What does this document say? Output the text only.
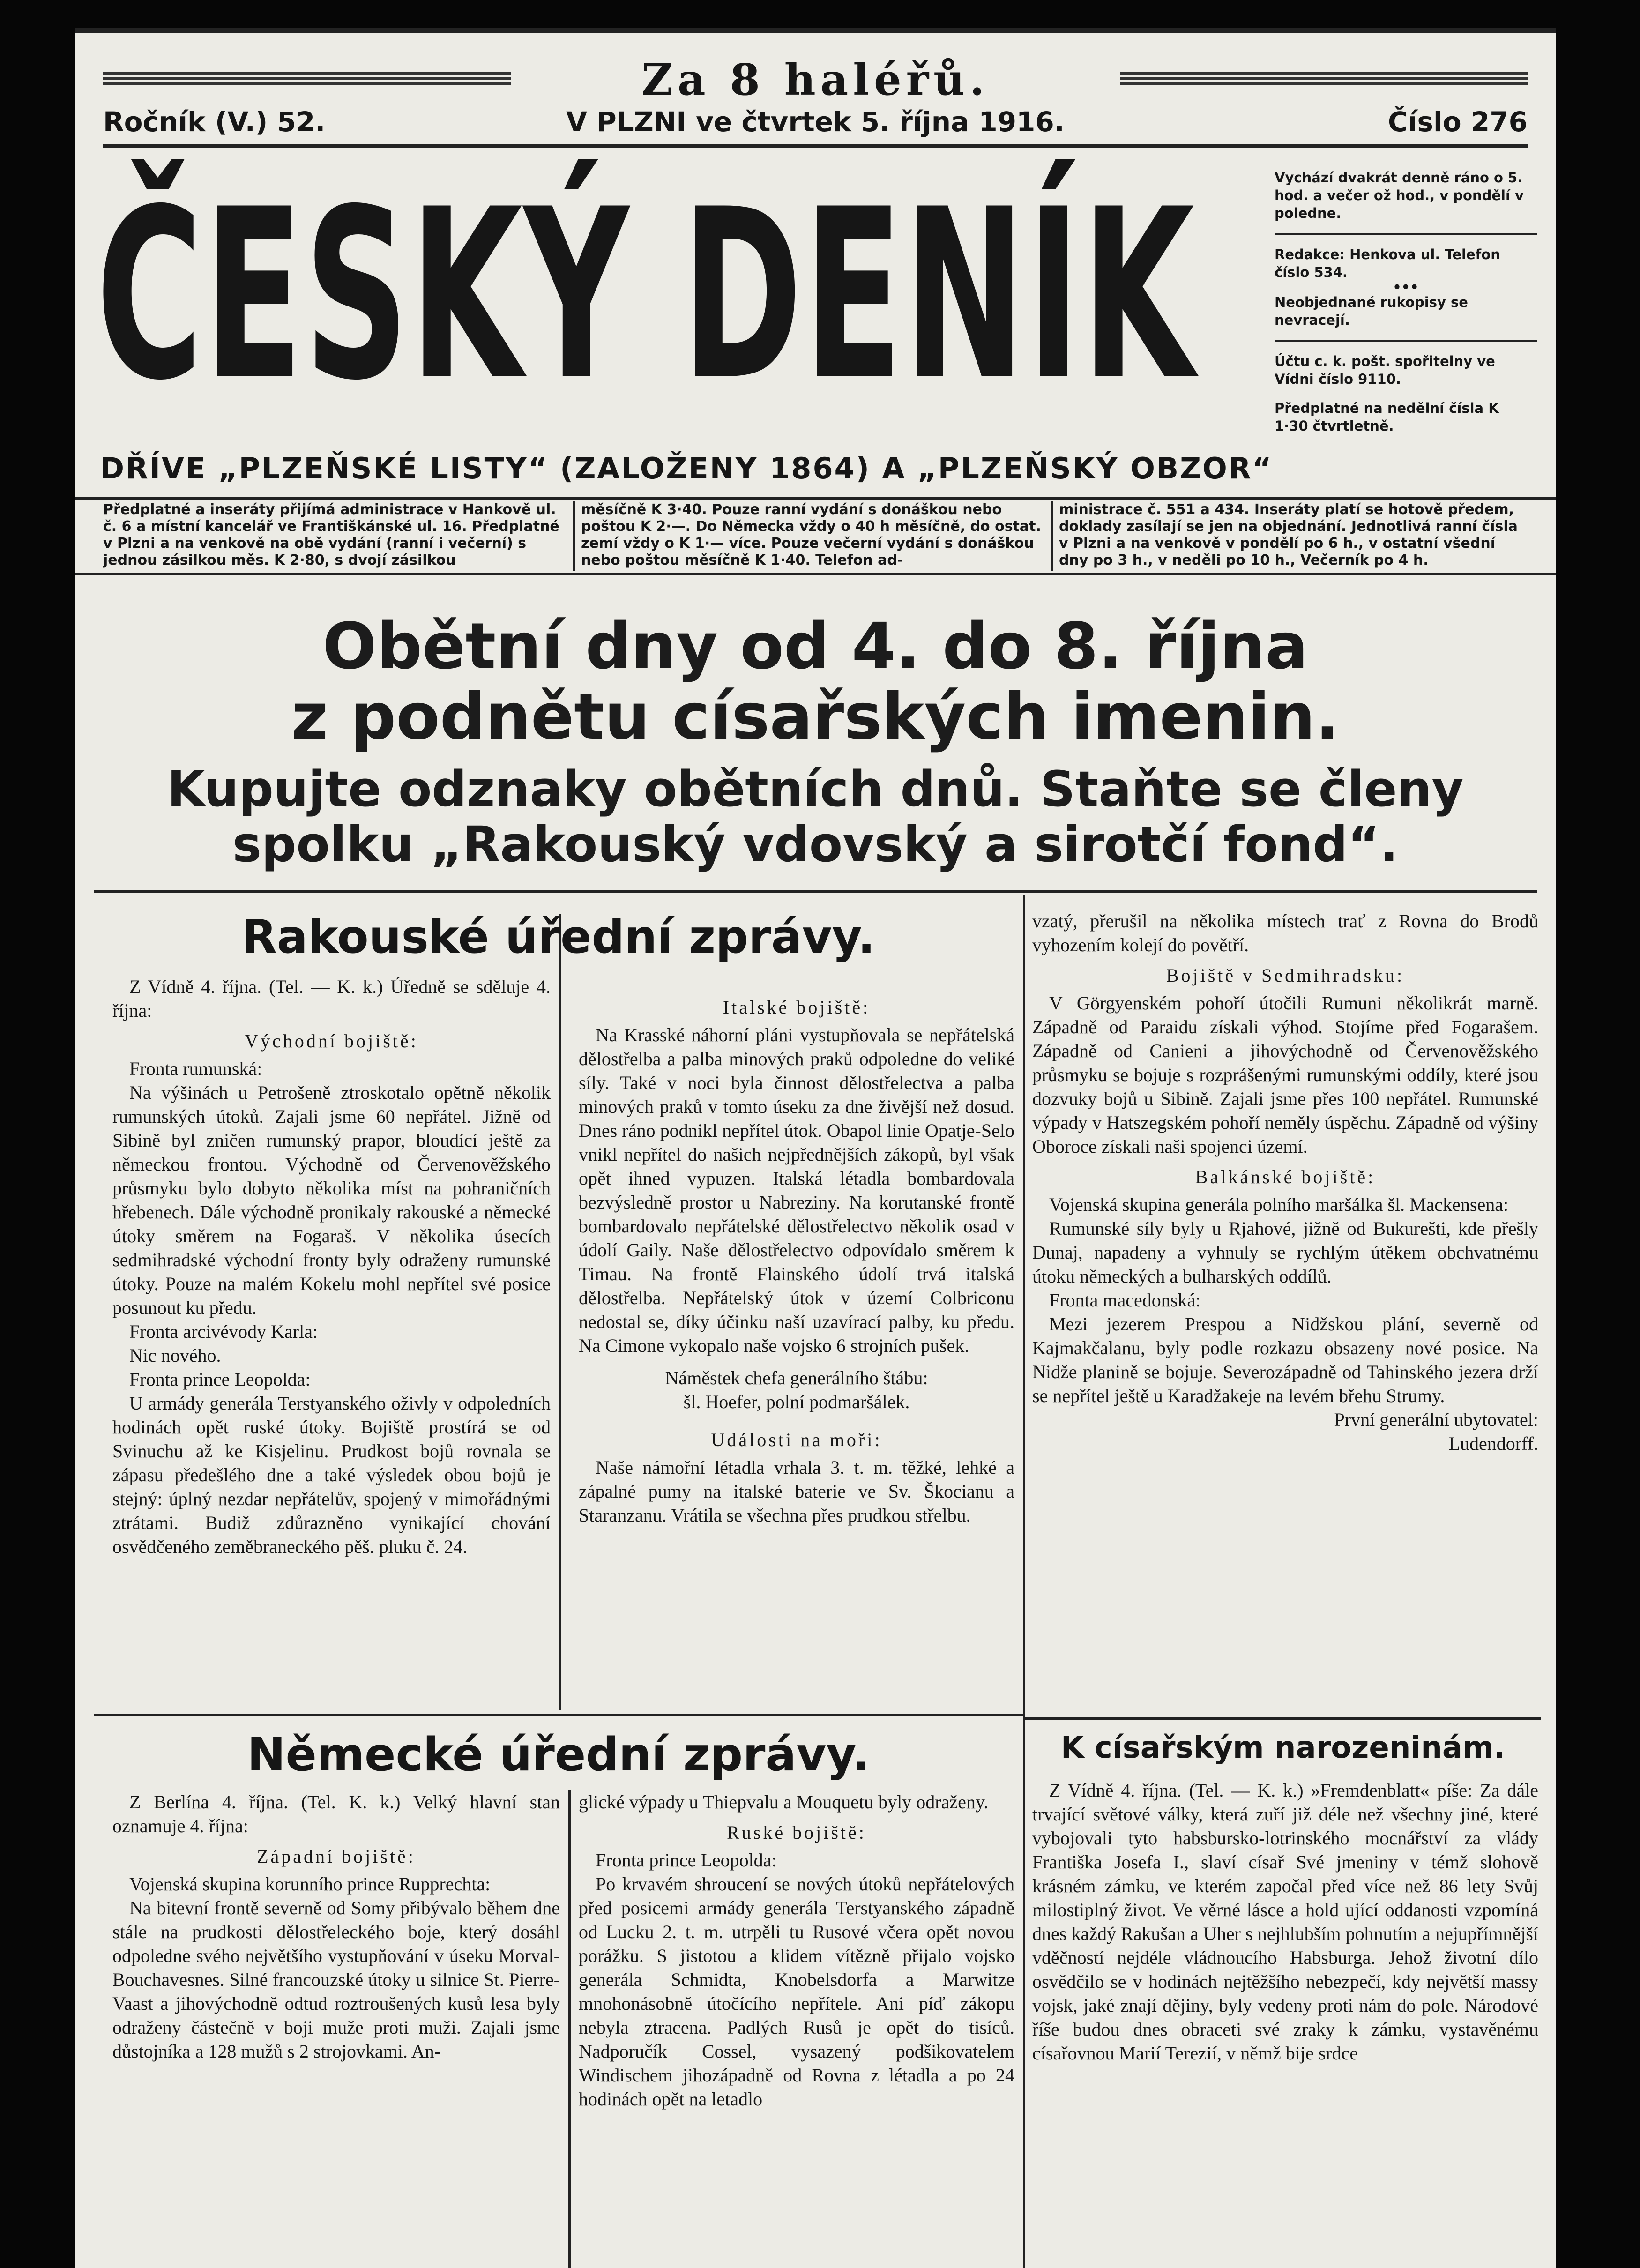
Za 8 haléřů.
Ročník (V.) 52.	V PLZNI ve čtvrtek 5. října 1916.	Číslo 276
ČESKÝ DENÍK	Vychází dvakrát denně ráno o 5. hod. a večer ož hod., v pondělí v poledne.
Redakce: Henkova ul. Telefon číslo 534.
•••
Neobjednané rukopisy se nevracejí.
Účtu c. k. pošt. spořitelny ve Vídni číslo 9110.
Předplatné na nedělní čísla K 1·30 čtvrtletně.
DŘÍVE „PLZEŇSKÉ LISTY“ (ZALOŽENY 1864) A „PLZEŇSKÝ OBZOR“
Předplatné a inseráty přijímá administrace v Hankově ul. č. 6 a místní kancelář ve Františkánské ul. 16. Předplatné v Plzni a na venkově na obě vydání (ranní i večerní) s jednou zásilkou měs. K 2·80, s dvojí zásilkou
měsíčně K 3·40. Pouze ranní vydání s donáškou nebo poštou K 2·—. Do Německa vždy o 40 h měsíčně, do ostat. zemí vždy o K 1·— více. Pouze večerní vydání s donáškou nebo poštou měsíčně K 1·40. Telefon ad-
ministrace č. 551 a 434. Inseráty platí se hotově předem, doklady zasílají se jen na objednání. Jednotlivá ranní čísla v Plzni a na venkově v pondělí po 6 h., v ostatní všední dny po 3 h., v neděli po 10 h., Večerník po 4 h.
Obětní dny od 4. do 8. října
z podnětu císařských imenin.
Kupujte odznaky obětních dnů. Staňte se členy
spolku „Rakouský vdovský a sirotčí fond“.
Rakouské úřední zprávy.

Z Vídně 4. října. (Tel. — K. k.) Úředně se sděluje 4. října:

Východní bojiště:

Fronta rumunská:

Na výšinách u Petrošeně ztroskotalo opětně několik rumunských útoků. Zajali jsme 60 nepřátel. Jižně od Sibině byl zničen rumunský prapor, bloudící ještě za německou frontou. Východně od Červenověžského průsmyku bylo dobyto několika míst na pohraničních hřebenech. Dále východně pronikaly rakouské a německé útoky směrem na Fogaraš. V několika úsecích sedmihradské východní fronty byly odraženy rumunské útoky. Pouze na malém Kokelu mohl nepřítel své posice posunout ku předu.

Fronta arcivévody Karla:

Nic nového.

Fronta prince Leopolda:

U armády generála Terstyanského oživly v odpoledních hodinách opět ruské útoky. Bojiště prostírá se od Svinuchu až ke Kisjelinu. Prudkost bojů rovnala se zápasu předešlého dne a také výsledek obou bojů je stejný: úplný nezdar nepřátelův, spojený v mimořádnými ztrátami. Budiž zdůrazněno vynikající chování osvědčeného zeměbraneckého pěš. pluku č. 24.

Italské bojiště:

Na Krasské náhorní pláni vystupňovala se nepřátelská dělostřelba a palba minových praků odpoledne do veliké síly. Také v noci byla činnost dělostřelectva a palba minových praků v tomto úseku za dne živější než dosud. Dnes ráno podnikl nepřítel útok. Obapol linie Opatje-Selo vnikl nepřítel do našich nejpřednějších zákopů, byl však opět ihned vypuzen. Italská létadla bombardovala bezvýsledně prostor u Nabreziny. Na korutanské frontě bombardovalo nepřátelské dělostřelectvo několik osad v údolí Gaily. Naše dělostřelectvo odpovídalo směrem k Timau. Na frontě Flainského údolí trvá italská dělostřelba. Nepřátelský útok v území Colbriconu nedostal se, díky účinku naší uzavírací palby, ku předu. Na Cimone vykopalo naše vojsko 6 strojních pušek.

Náměstek chefa generálního štábu:

šl. Hoefer, polní podmaršálek.

Události na moři:

Naše námořní létadla vrhala 3. t. m. těžké, lehké a zápalné pumy na italské baterie ve Sv. Škocianu a Staranzanu. Vrátila se všechna přes prudkou střelbu.

vzatý, přerušil na několika místech trať z Rovna do Brodů vyhozením kolejí do povětří.

Bojiště v Sedmihradsku:

V Görgyenském pohoří útočili Rumuni několikrát marně. Západně od Paraidu získali výhod. Stojíme před Fogarašem. Západně od Canieni a jihovýchodně od Červenověžského průsmyku se bojuje s rozprášenými rumunskými oddíly, které jsou dozvuky bojů u Sibině. Zajali jsme přes 100 nepřátel. Rumunské výpady v Hatszegském pohoří neměly úspěchu. Západně od výšiny Oboroce získali naši spojenci území.

Balkánské bojiště:

Vojenská skupina generála polního maršálka šl. Mackensena:

Rumunské síly byly u Rjahové, jižně od Bukurešti, kde přešly Dunaj, napadeny a vyhnuly se rychlým útěkem obchvatnému útoku německých a bulharských oddílů.

Fronta macedonská:

Mezi jezerem Prespou a Nidžskou plání, severně od Kajmakčalanu, byly podle rozkazu obsazeny nové posice. Na Nidže planině se bojuje. Severozápadně od Tahinského jezera drží se nepřítel ještě u Karadžakeje na levém břehu Strumy.

První generální ubytovatel:

Ludendorff.

Německé úřední zprávy.

Z Berlína 4. října. (Tel. K. k.) Velký hlavní stan oznamuje 4. října:

Západní bojiště:

Vojenská skupina korunního prince Rupprechta:

Na bitevní frontě severně od Somy přibývalo během dne stále na prudkosti dělostřeleckého boje, který dosáhl odpoledne svého největšího vystupňování v úseku Morval-Bouchavesnes. Silné francouzské útoky u silnice St. Pierre-Vaast a jihovýchodně odtud roztroušených kusů lesa byly odraženy částečně v boji muže proti muži. Zajali jsme důstojníka a 128 mužů s 2 strojovkami. An-

glické výpady u Thiepvalu a Mouquetu byly odraženy.

Ruské bojiště:

Fronta prince Leopolda:

Po krvavém shroucení se nových útoků nepřátelových před posicemi armády generála Terstyanského západně od Lucku 2. t. m. utrpěli tu Rusové včera opět novou porážku. S jistotou a klidem vítězně přijalo vojsko generála Schmidta, Knobelsdorfa a Marwitze mnohonásobně útočícího nepřítele. Ani píď zákopu nebyla ztracena. Padlých Rusů je opět do tisíců. Nadporučík Cossel, vysazený podšikovatelem Windischem jihozápadně od Rovna z létadla a po 24 hodinách opět na letadlo

K císařským narozeninám.

Z Vídně 4. října. (Tel. — K. k.) »Fremdenblatt« píše: Za dále trvající světové války, která zuří již déle než všechny jiné, které vybojovali tyto habsbursko-lotrinského mocnářství za vlády Františka Josefa I., slaví císař Své jmeniny v témž slohově krásném zámku, ve kterém započal před více než 86 lety Svůj milostiplný život. Ve věrné lásce a hold ující oddanosti vzpomíná dnes každý Rakušan a Uher s nejhlubším pohnutím a nejupřímnější vděčností nejdéle vládnoucího Habsburga. Jehož životní dílo osvědčilo se v hodinách nejtěžšího nebezpečí, kdy největší massy vojsk, jaké znají dějiny, byly vedeny proti nám do pole. Národové říše budou dnes obraceti své zraky k zámku, vystavěnému císařovnou Marií Terezií, v němž bije srdce
